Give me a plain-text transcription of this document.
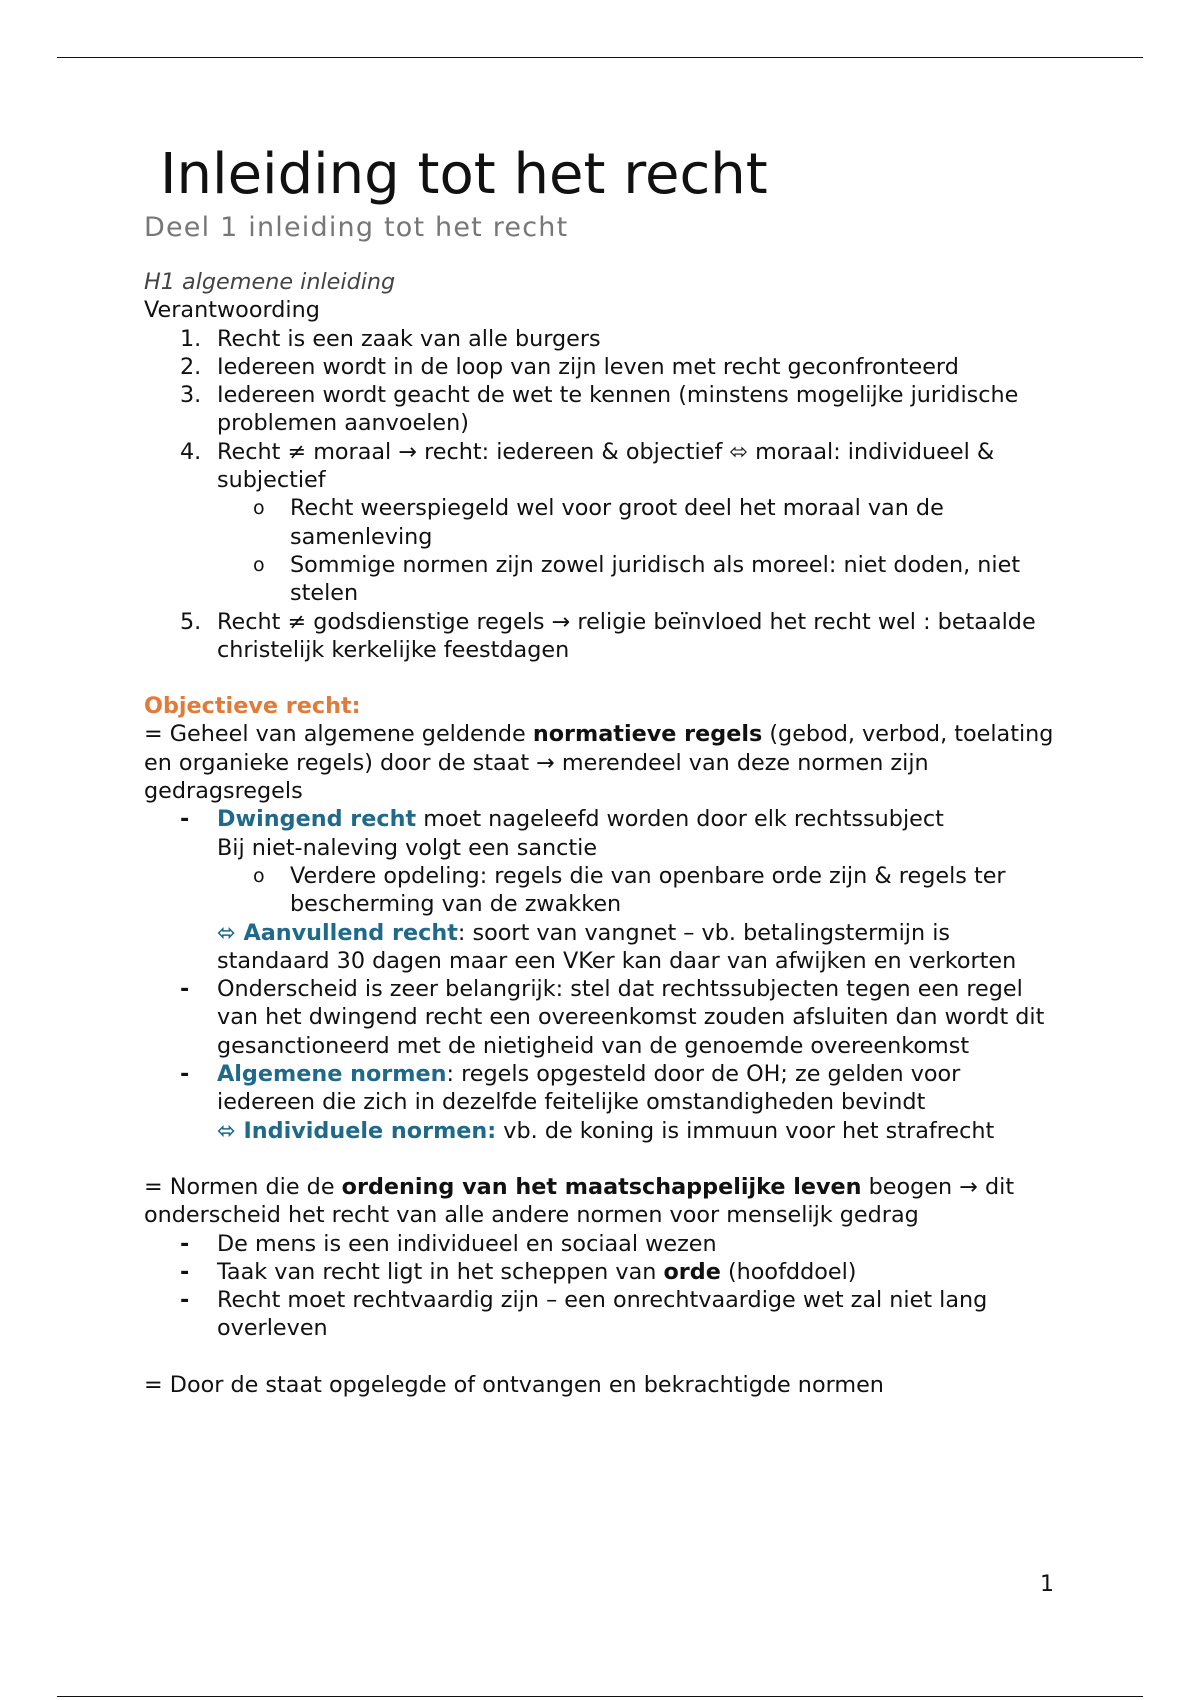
Inleiding tot het recht

Deel 1 inleiding tot het recht

H1 algemene inleiding

Verantwoording

1. Recht is een zaak van alle burgers
2. Iedereen wordt in de loop van zijn leven met recht geconfronteerd
3. Iedereen wordt geacht de wet te kennen (minstens mogelijke juridische problemen aanvoelen)
4. Recht ≠ moraal → recht: iedereen & objectief ⬄ moraal: individueel & subjectief
o Recht weerspiegeld wel voor groot deel het moraal van de samenleving
o Sommige normen zijn zowel juridisch als moreel: niet doden, niet stelen
5. Recht ≠ godsdienstige regels → religie beïnvloed het recht wel : betaalde christelijk kerkelijke feestdagen

Objectieve recht:

= Geheel van algemene geldende normatieve regels (gebod, verbod, toelating en organieke regels) door de staat → merendeel van deze normen zijn gedragsregels

- Dwingend recht moet nageleefd worden door elk rechtssubject
Bij niet-naleving volgt een sanctie
o Verdere opdeling: regels die van openbare orde zijn & regels ter bescherming van de zwakken
⬄ Aanvullend recht: soort van vangnet – vb. betalingstermijn is standaard 30 dagen maar een VKer kan daar van afwijken en verkorten
- Onderscheid is zeer belangrijk: stel dat rechtssubjecten tegen een regel van het dwingend recht een overeenkomst zouden afsluiten dan wordt dit gesanctioneerd met de nietigheid van de genoemde overeenkomst
- Algemene normen: regels opgesteld door de OH; ze gelden voor iedereen die zich in dezelfde feitelijke omstandigheden bevindt
⬄ Individuele normen: vb. de koning is immuun voor het strafrecht

= Normen die de ordening van het maatschappelijke leven beogen → dit onderscheid het recht van alle andere normen voor menselijk gedrag

- De mens is een individueel en sociaal wezen
- Taak van recht ligt in het scheppen van orde (hoofddoel)
- Recht moet rechtvaardig zijn – een onrechtvaardige wet zal niet lang overleven

= Door de staat opgelegde of ontvangen en bekrachtigde normen

1
